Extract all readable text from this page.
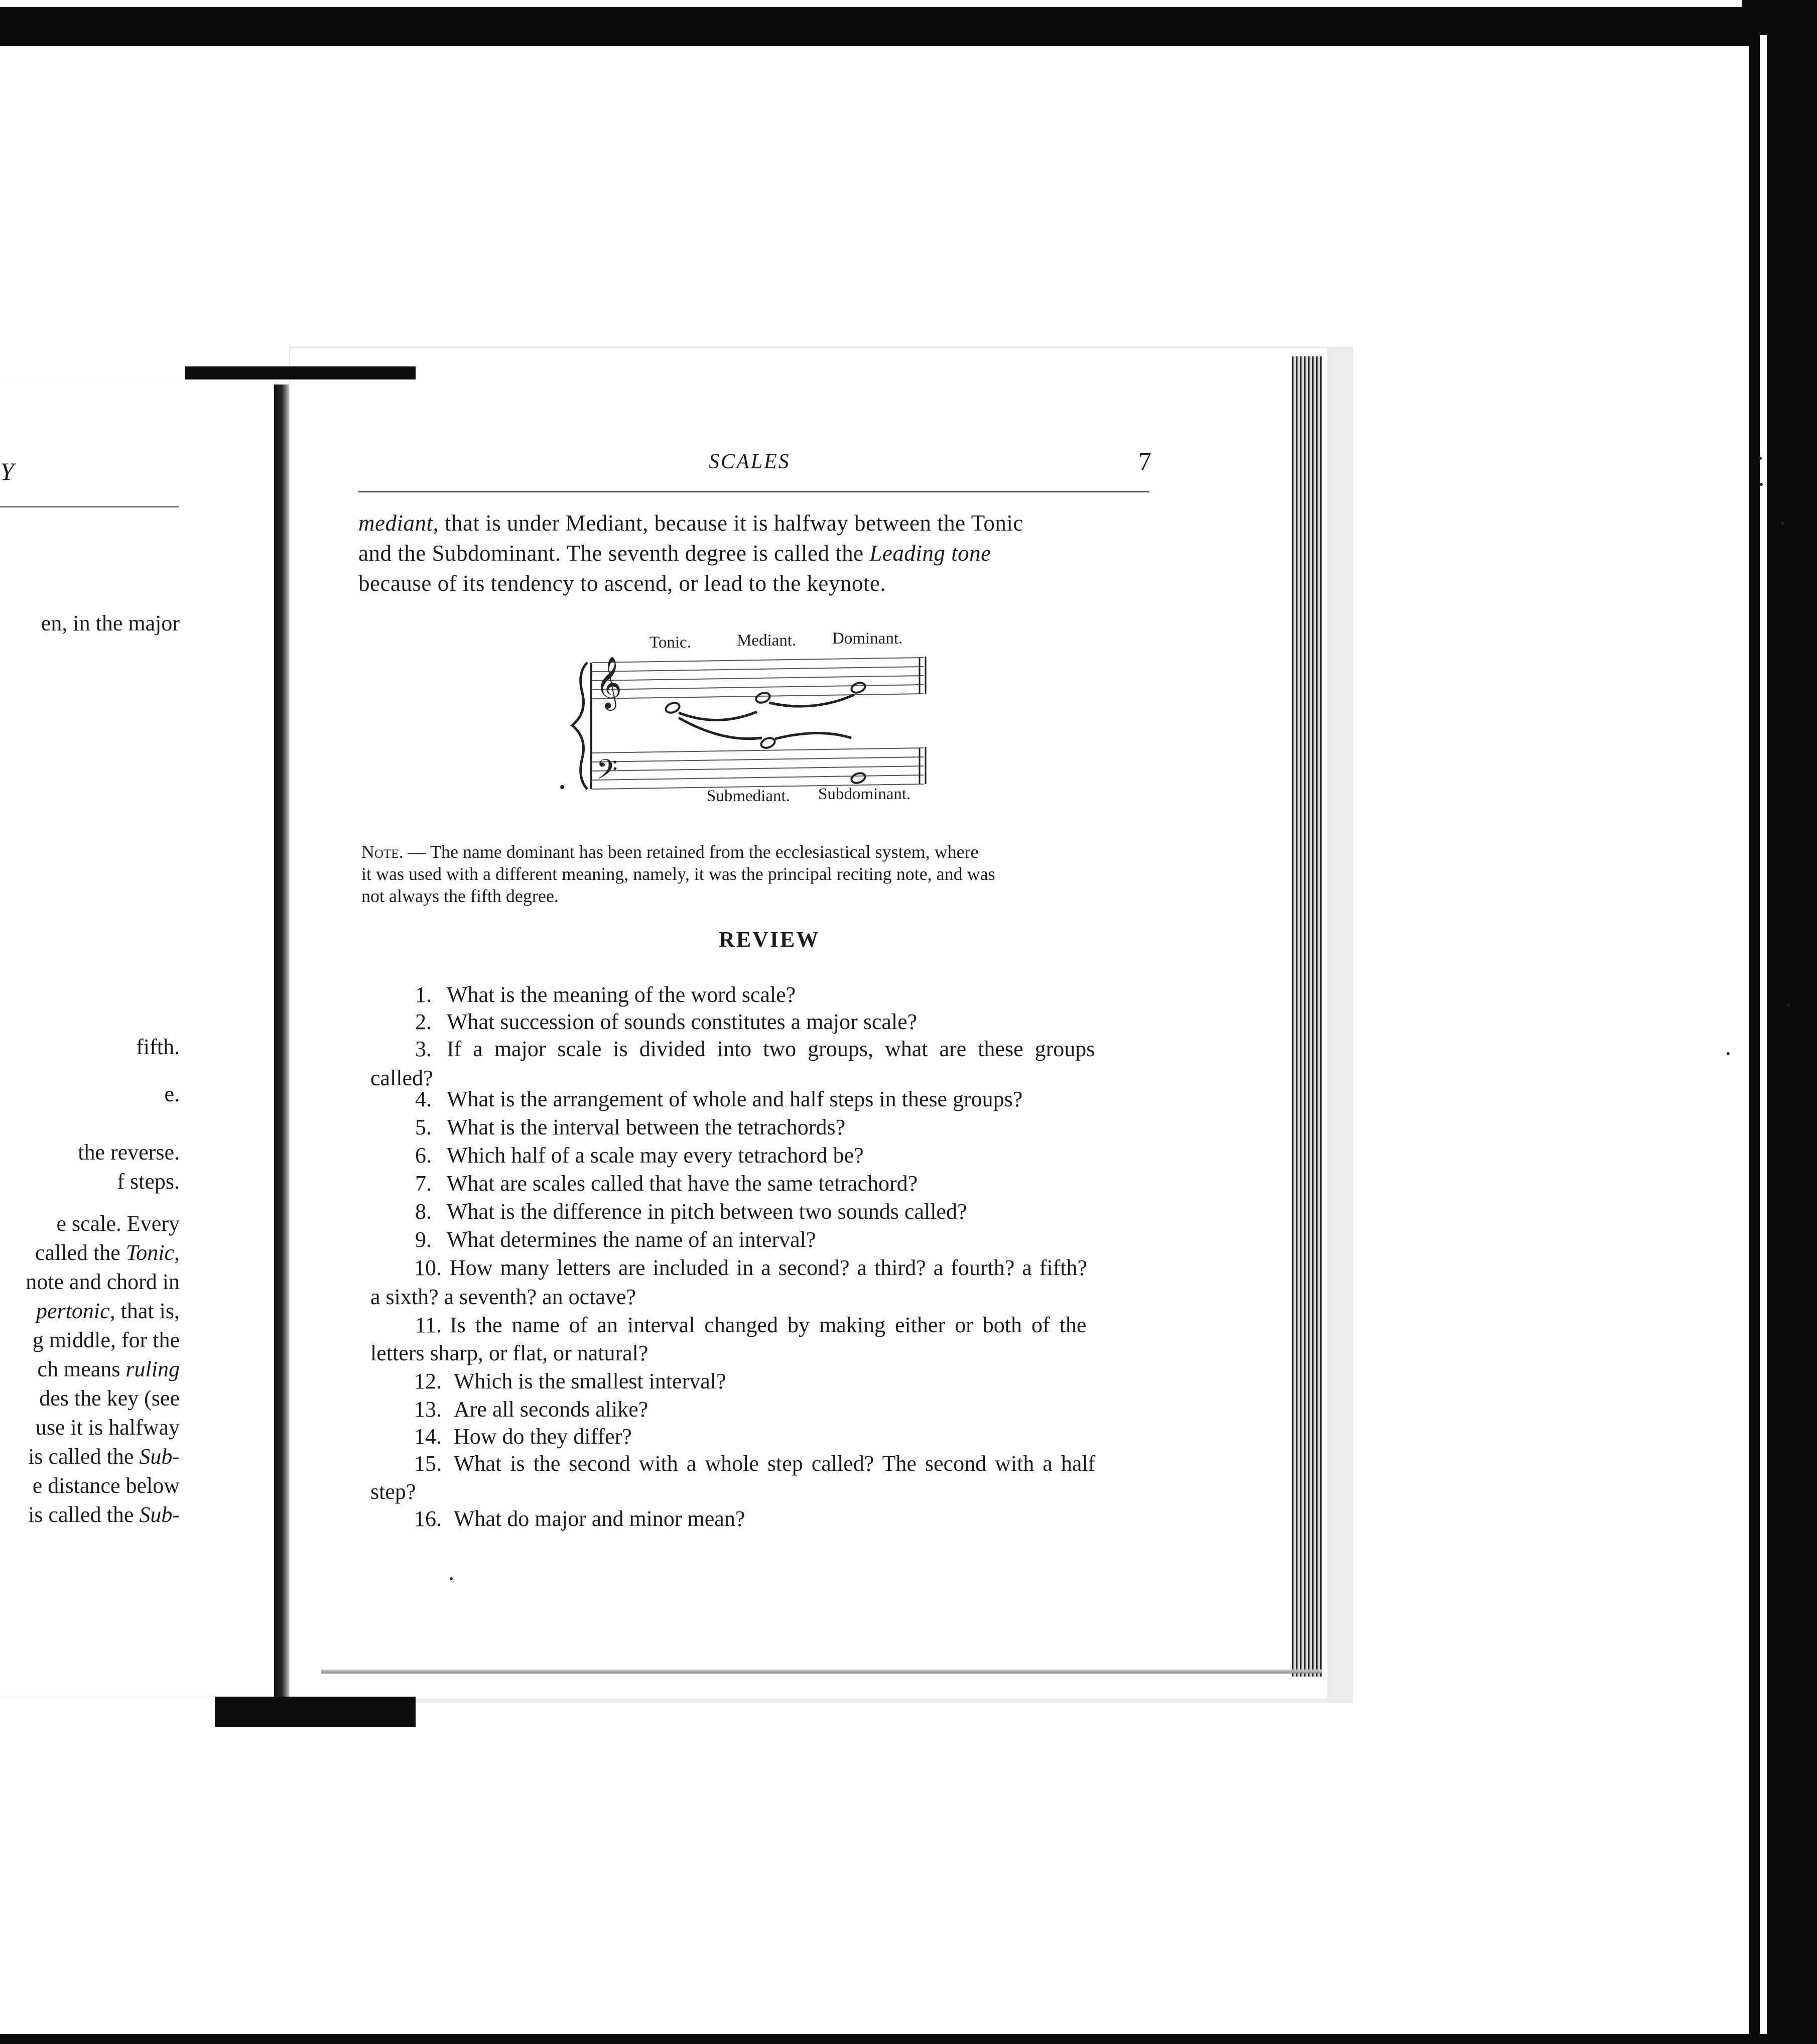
Y
en, in the major
fifth.
e.
the reverse.
f steps.
e scale. Every
called the Tonic,
note and chord in
pertonic, that is,
g middle, for the
ch means ruling
des the key (see
use it is halfway
is called the Sub-
e distance below
is called the Sub-
SCALES	7
mediant, that is under Mediant, because it is halfway between the Tonic
and the Subdominant. The seventh degree is called the Leading tone
because of its tendency to ascend, or lead to the keynote.
Tonic.	Mediant. Dominant.
𝄞
𝄢
Submediant. Subdominant.
Note. — The name dominant has been retained from the ecclesiastical system, where
it was used with a different meaning, namely, it was the principal reciting note, and was
not always the fifth degree.
REVIEW
1. What is the meaning of the word scale?
2. What succession of sounds constitutes a major scale?
3. If a major scale is divided into two groups, what are these groups
called?
4. What is the arrangement of whole and half steps in these groups?
5. What is the interval between the tetrachords?
6. Which half of a scale may every tetrachord be?
7. What are scales called that have the same tetrachord?
8. What is the difference in pitch between two sounds called?
9. What determines the name of an interval?
10. How many letters are included in a second? a third? a fourth? a fifth?
a sixth? a seventh? an octave?
11. Is the name of an interval changed by making either or both of the
letters sharp, or flat, or natural?
12. Which is the smallest interval?
13. Are all seconds alike?
14. How do they differ?
15. What is the second with a whole step called? The second with a half
step?
16. What do major and minor mean?
